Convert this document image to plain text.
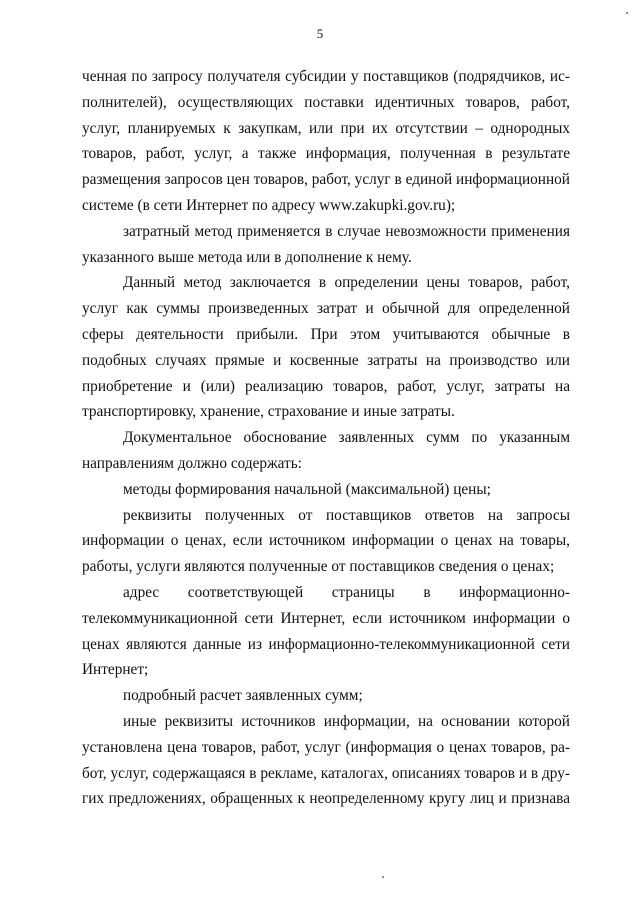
5

ченная по запросу получателя субсидии у поставщиков (подрядчиков, исполнителей), осуществляющих поставки идентичных товаров, работ, услуг, планируемых к закупкам, или при их отсутствии – однородных товаров, работ, услуг, а также информация, полученная в результате размещения запросов цен товаров, работ, услуг в единой информационной системе (в сети Интернет по адресу www.zakupki.gov.ru);

затратный метод применяется в случае невозможности применения указанного выше метода или в дополнение к нему.

Данный метод заключается в определении цены товаров, работ, услуг как суммы произведенных затрат и обычной для определенной сферы деятельности прибыли. При этом учитываются обычные в подобных случаях прямые и косвенные затраты на производство или приобретение и (или) реализацию товаров, работ, услуг, затраты на транспортировку, хранение, страхование и иные затраты.

Документальное обоснование заявленных сумм по указанным направлениям должно содержать:

методы формирования начальной (максимальной) цены;

реквизиты полученных от поставщиков ответов на запросы информации о ценах, если источником информации о ценах на товары, работы, услуги являются полученные от поставщиков сведения о ценах;

адрес соответствующей страницы в информационно-телекоммуникационной сети Интернет, если источником информации о ценах являются данные из информационно-телекоммуникационной сети Интернет;

подробный расчет заявленных сумм;

иные реквизиты источников информации, на основании которой установлена цена товаров, работ, услуг (информация о ценах товаров, работ, услуг, содержащаяся в рекламе, каталогах, описаниях товаров и в других предложениях, обращенных к неопределенному кругу лиц и признава
